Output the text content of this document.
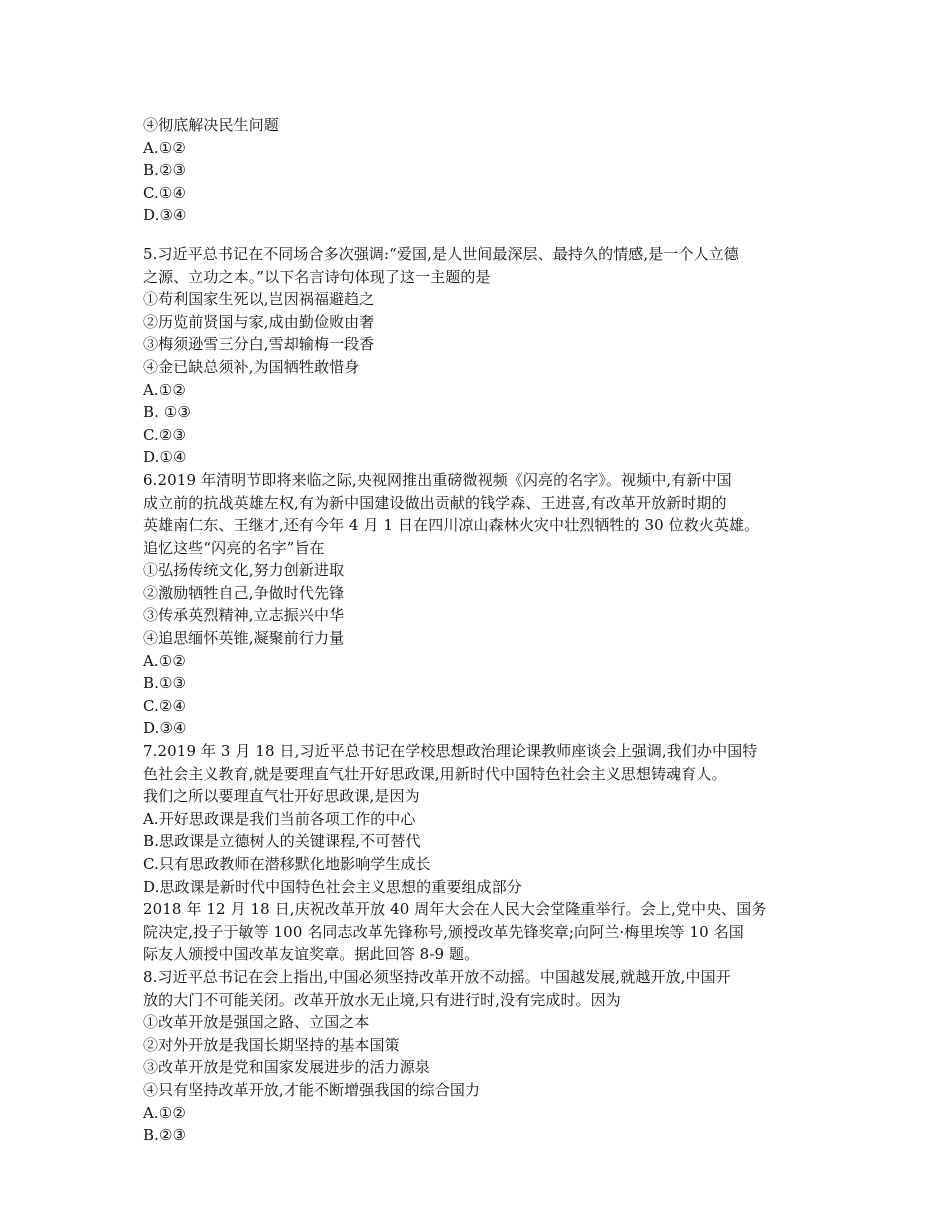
④彻底解决民生问题
A.①②
B.②③
C.①④
D.③④
5.习近平总书记在不同场合多次强调:“爱国,是人世间最深层、最持久的情感,是一个人立德
之源、立功之本。”以下名言诗句体现了这一主题的是
①苟利国家生死以,岂因祸福避趋之
②历览前贤国与家,成由勤俭败由奢
③梅须逊雪三分白,雪却输梅一段香
④金已缺总须补,为国牺牲敢惜身
A.①②
B. ①③
C.②③
D.①④
6.2019 年清明节即将来临之际,央视网推出重磅微视频《闪亮的名字》。视频中,有新中国
成立前的抗战英雄左权,有为新中国建设做出贡献的钱学森、王进喜,有改革开放新时期的
英雄南仁东、王继才,还有今年 4 月 1 日在四川凉山森林火灾中壮烈牺牲的 30 位救火英雄。
追忆这些“闪亮的名字”旨在
①弘扬传统文化,努力创新进取
②激励牺牲自己,争做时代先锋
③传承英烈精神,立志振兴中华
④追思缅怀英锥,凝聚前行力量
A.①②
B.①③
C.②④
D.③④
7.2019 年 3 月 18 日,习近平总书记在学校思想政治理论课教师座谈会上强调,我们办中国特
色社会主义教育,就是要理直气壮开好思政课,用新时代中国特色社会主义思想铸魂育人。
我们之所以要理直气壮开好思政课,是因为
A.开好思政课是我们当前各项工作的中心
B.思政课是立德树人的关键课程,不可替代
C.只有思政教师在潜移默化地影响学生成长
D.思政课是新时代中国特色社会主义思想的重要组成部分
2018 年 12 月 18 日,庆祝改革开放 40 周年大会在人民大会堂隆重举行。会上,党中央、国务
院决定,投子于敏等 100 名同志改革先锋称号,颁授改革先锋奖章;向阿兰·梅里埃等 10 名国
际友人颁授中国改革友谊奖章。据此回答 8-9 题。
8.习近平总书记在会上指出,中国必须坚持改革开放不动摇。中国越发展,就越开放,中国开
放的大门不可能关闭。改革开放水无止境,只有进行时,没有完成时。因为
①改革开放是强国之路、立国之本
②对外开放是我国长期坚持的基本国策
③改革开放是党和国家发展进步的活力源泉
④只有坚持改革开放,才能不断增强我国的综合国力
A.①②
B.②③
